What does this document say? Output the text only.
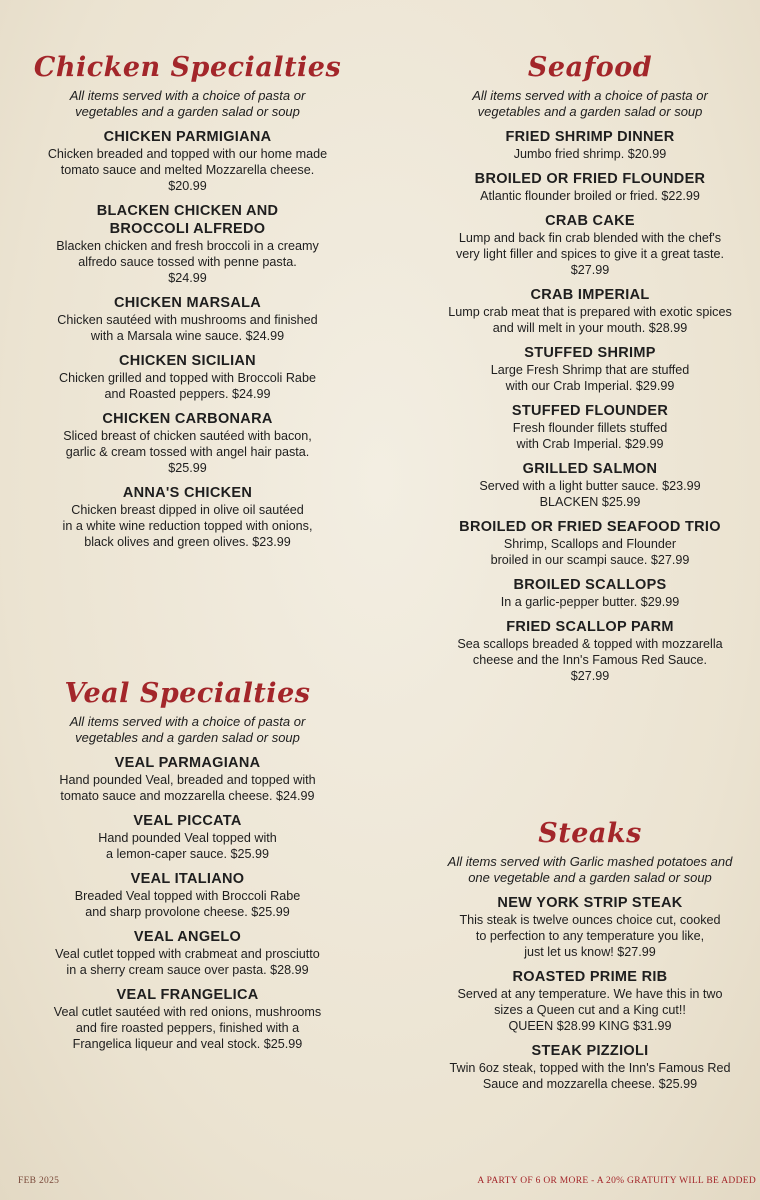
Chicken Specialties
All items served with a choice of pasta or
vegetables and a garden salad or soup
CHICKEN PARMIGIANA
Chicken breaded and topped with our home made
tomato sauce and melted Mozzarella cheese.
$20.99
BLACKEN CHICKEN AND
BROCCOLI ALFREDO
Blacken chicken and fresh broccoli in a creamy
alfredo sauce tossed with penne pasta.
$24.99
CHICKEN MARSALA
Chicken sautéed with mushrooms and finished
with a Marsala wine sauce. $24.99
CHICKEN SICILIAN
Chicken grilled and topped with Broccoli Rabe
and Roasted peppers. $24.99
CHICKEN CARBONARA
Sliced breast of chicken sautéed with bacon,
garlic & cream tossed with angel hair pasta.
$25.99
ANNA'S CHICKEN
Chicken breast dipped in olive oil sautéed
in a white wine reduction topped with onions,
black olives and green olives. $23.99
Veal Specialties
All items served with a choice of pasta or
vegetables and a garden salad or soup
VEAL PARMAGIANA
Hand pounded Veal, breaded and topped with
tomato sauce and mozzarella cheese. $24.99
VEAL PICCATA
Hand pounded Veal topped with
a lemon-caper sauce. $25.99
VEAL ITALIANO
Breaded Veal topped with Broccoli Rabe
and sharp provolone cheese. $25.99
VEAL ANGELO
Veal cutlet topped with crabmeat and prosciutto
in a sherry cream sauce over pasta. $28.99
VEAL FRANGELICA
Veal cutlet sautéed with red onions, mushrooms
and fire roasted peppers, finished with a
Frangelica liqueur and veal stock. $25.99
Seafood
All items served with a choice of pasta or
vegetables and a garden salad or soup
FRIED SHRIMP DINNER
Jumbo fried shrimp. $20.99
BROILED OR FRIED FLOUNDER
Atlantic flounder broiled or fried. $22.99
CRAB CAKE
Lump and back fin crab blended with the chef's
very light filler and spices to give it a great taste.
$27.99
CRAB IMPERIAL
Lump crab meat that is prepared with exotic spices
and will melt in your mouth. $28.99
STUFFED SHRIMP
Large Fresh Shrimp that are stuffed
with our Crab Imperial. $29.99
STUFFED FLOUNDER
Fresh flounder fillets stuffed
with Crab Imperial. $29.99
GRILLED SALMON
Served with a light butter sauce. $23.99
BLACKEN $25.99
BROILED OR FRIED SEAFOOD TRIO
Shrimp, Scallops and Flounder
broiled in our scampi sauce. $27.99
BROILED SCALLOPS
In a garlic-pepper butter. $29.99
FRIED SCALLOP PARM
Sea scallops breaded & topped with mozzarella
cheese and the Inn's Famous Red Sauce.
$27.99
Steaks
All items served with Garlic mashed potatoes and
one vegetable and a garden salad or soup
NEW YORK STRIP STEAK
This steak is twelve ounces choice cut, cooked
to perfection to any temperature you like,
just let us know! $27.99
ROASTED PRIME RIB
Served at any temperature. We have this in two
sizes a Queen cut and a King cut!!
QUEEN $28.99 KING $31.99
STEAK PIZZIOLI
Twin 6oz steak, topped with the Inn's Famous Red
Sauce and mozzarella cheese. $25.99
FEB 2025	A PARTY OF 6 OR MORE - A 20% GRATUITY WILL BE ADDED
